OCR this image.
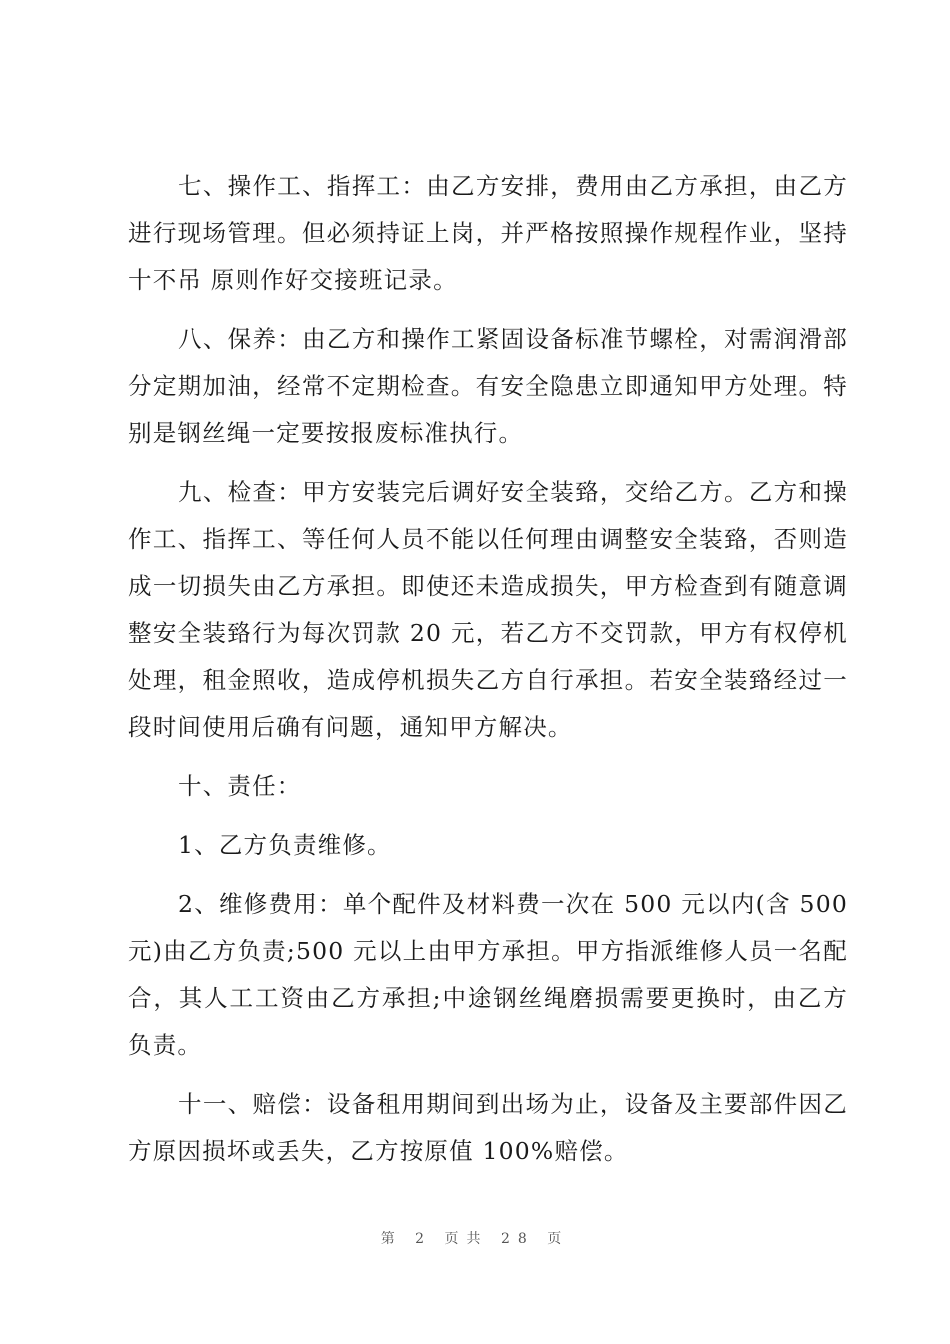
七、操作工、指挥工：由乙方安排，费用由乙方承担，由乙方进行现场管理。但必须持证上岗，并严格按照操作规程作业，坚持 十不吊 原则作好交接班记录。

八、保养：由乙方和操作工紧固设备标准节螺栓，对需润滑部分定期加油，经常不定期检查。有安全隐患立即通知甲方处理。特别是钢丝绳一定要按报废标准执行。

九、检查：甲方安装完后调好安全装臵，交给乙方。乙方和操作工、指挥工、等任何人员不能以任何理由调整安全装臵，否则造成一切损失由乙方承担。即使还未造成损失，甲方检查到有随意调整安全装臵行为每次罚款 20 元，若乙方不交罚款，甲方有权停机处理，租金照收，造成停机损失乙方自行承担。若安全装臵经过一段时间使用后确有问题，通知甲方解决。

十、责任：

1、乙方负责维修。

2、维修费用：单个配件及材料费一次在 500 元以内(含 500 元)由乙方负责;500 元以上由甲方承担。甲方指派维修人员一名配合，其人工工资由乙方承担;中途钢丝绳磨损需要更换时，由乙方负责。

十一、赔偿：设备租用期间到出场为止，设备及主要部件因乙方原因损坏或丢失，乙方按原值 100%赔偿。

第 2 页共 28 页
